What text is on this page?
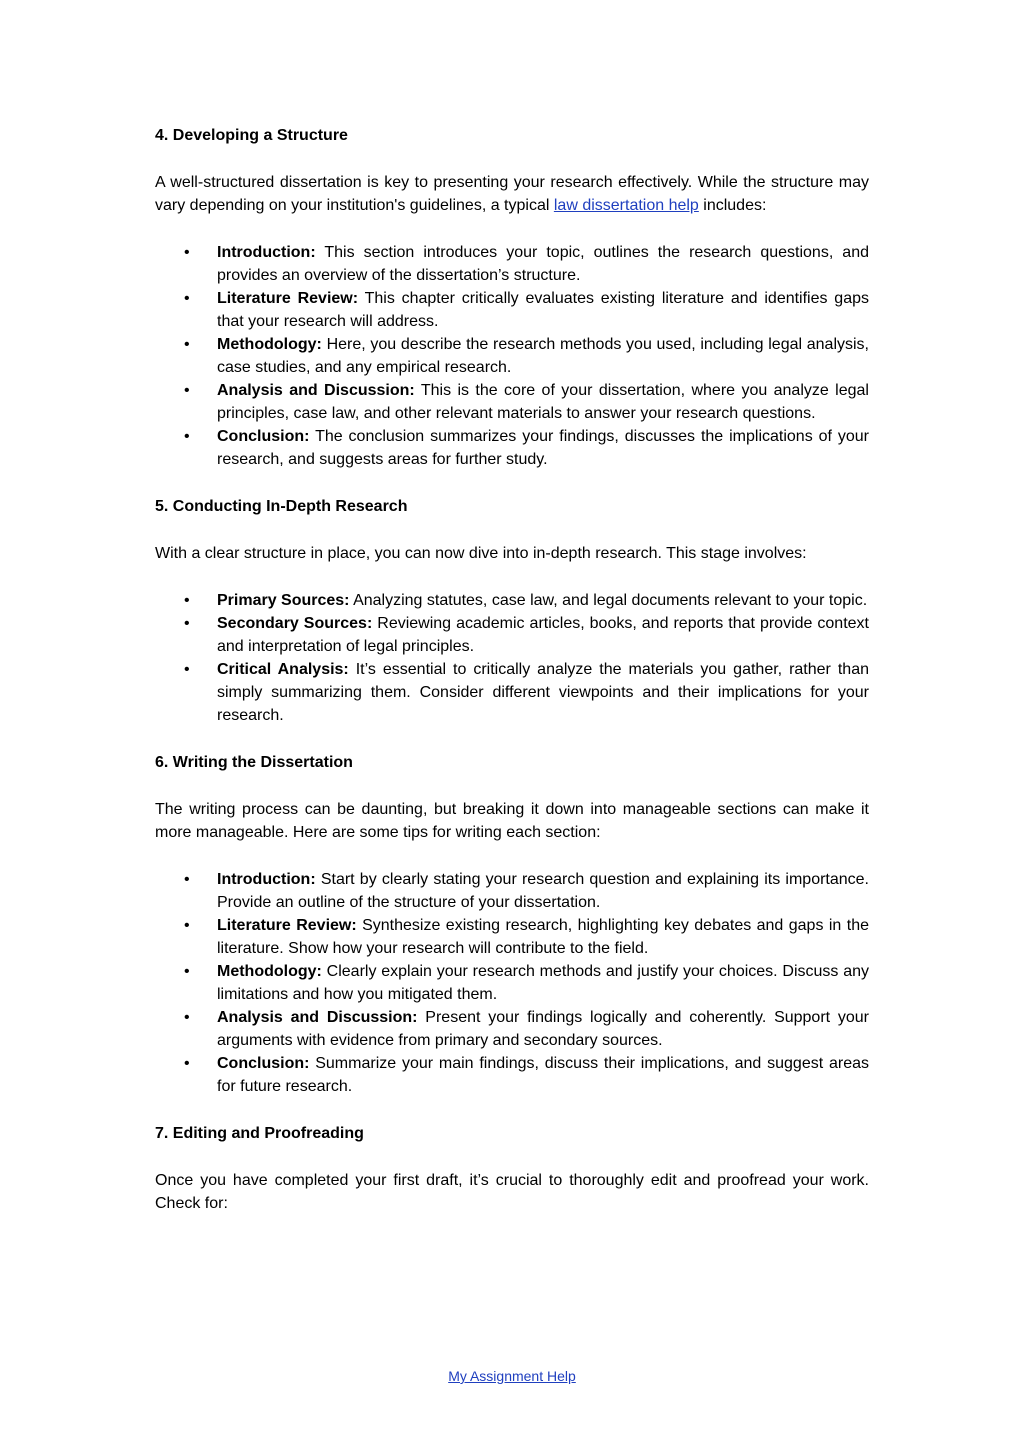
4. Developing a Structure
A well-structured dissertation is key to presenting your research effectively. While the structure may vary depending on your institution's guidelines, a typical law dissertation help includes:
• Introduction: This section introduces your topic, outlines the research questions, and provides an overview of the dissertation’s structure.
• Literature Review: This chapter critically evaluates existing literature and identifies gaps that your research will address.
• Methodology: Here, you describe the research methods you used, including legal analysis, case studies, and any empirical research.
• Analysis and Discussion: This is the core of your dissertation, where you analyze legal principles, case law, and other relevant materials to answer your research questions.
• Conclusion: The conclusion summarizes your findings, discusses the implications of your research, and suggests areas for further study.
5. Conducting In-Depth Research
With a clear structure in place, you can now dive into in-depth research. This stage involves:
• Primary Sources: Analyzing statutes, case law, and legal documents relevant to your topic.
• Secondary Sources: Reviewing academic articles, books, and reports that provide context and interpretation of legal principles.
• Critical Analysis: It’s essential to critically analyze the materials you gather, rather than simply summarizing them. Consider different viewpoints and their implications for your research.
6. Writing the Dissertation
The writing process can be daunting, but breaking it down into manageable sections can make it more manageable. Here are some tips for writing each section:
• Introduction: Start by clearly stating your research question and explaining its importance. Provide an outline of the structure of your dissertation.
• Literature Review: Synthesize existing research, highlighting key debates and gaps in the literature. Show how your research will contribute to the field.
• Methodology: Clearly explain your research methods and justify your choices. Discuss any limitations and how you mitigated them.
• Analysis and Discussion: Present your findings logically and coherently. Support your arguments with evidence from primary and secondary sources.
• Conclusion: Summarize your main findings, discuss their implications, and suggest areas for future research.
7. Editing and Proofreading
Once you have completed your first draft, it’s crucial to thoroughly edit and proofread your work. Check for:
My Assignment Help
